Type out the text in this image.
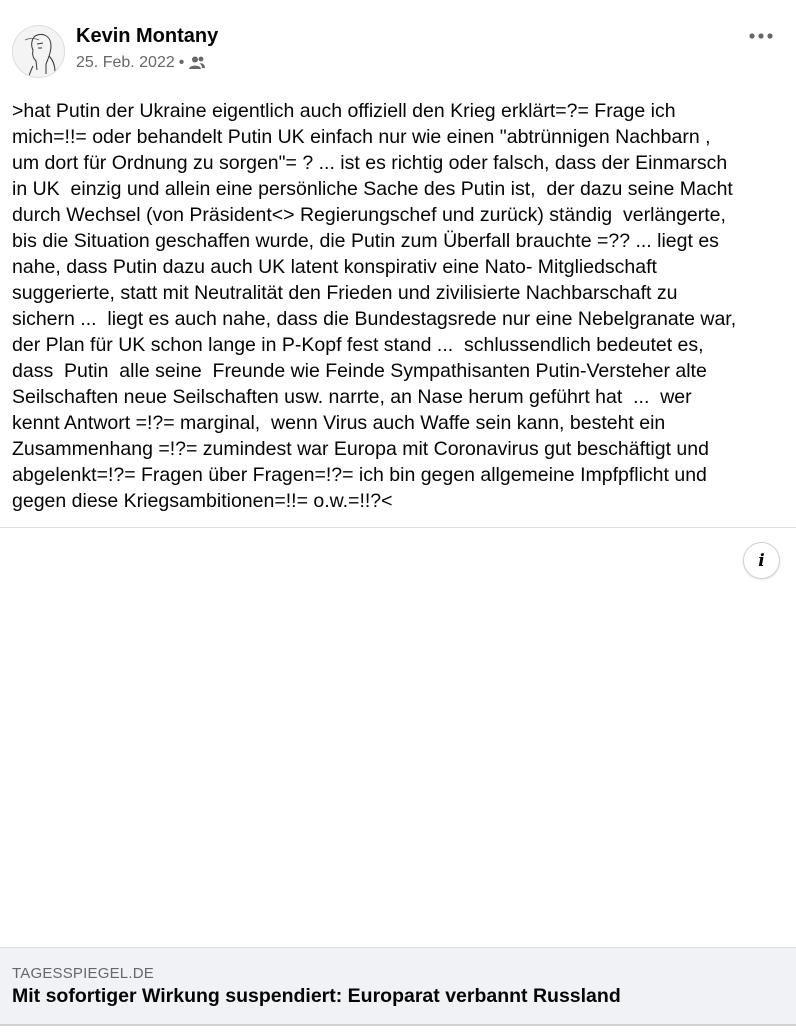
Kevin Montany
25. Feb. 2022 •
>hat Putin der Ukraine eigentlich auch offiziell den Krieg erklärt=?= Frage ich
mich=!!= oder behandelt Putin UK einfach nur wie einen "abtrünnigen Nachbarn ,
um dort für Ordnung zu sorgen"= ? ... ist es richtig oder falsch, dass der Einmarsch
in UK  einzig und allein eine persönliche Sache des Putin ist,  der dazu seine Macht
durch Wechsel (von Präsident<> Regierungschef und zurück) ständig  verlängerte,
bis die Situation geschaffen wurde, die Putin zum Überfall brauchte =?? ... liegt es
nahe, dass Putin dazu auch UK latent konspirativ eine Nato- Mitgliedschaft
suggerierte, statt mit Neutralität den Frieden und zivilisierte Nachbarschaft zu
sichern ...  liegt es auch nahe, dass die Bundestagsrede nur eine Nebelgranate war,
der Plan für UK schon lange in P-Kopf fest stand ...  schlussendlich bedeutet es,
dass  Putin  alle seine  Freunde wie Feinde Sympathisanten Putin-Versteher alte
Seilschaften neue Seilschaften usw. narrte, an Nase herum geführt hat  ...  wer
kennt Antwort =!?= marginal,  wenn Virus auch Waffe sein kann, besteht ein
Zusammenhang =!?= zumindest war Europa mit Coronavirus gut beschäftigt und
abgelenkt=!?= Fragen über Fragen=!?= ich bin gegen allgemeine Impfpflicht und
gegen diese Kriegsambitionen=!!= o.w.=!!?<
i
TAGESSPIEGEL.DE
Mit sofortiger Wirkung suspendiert: Europarat verbannt Russland
